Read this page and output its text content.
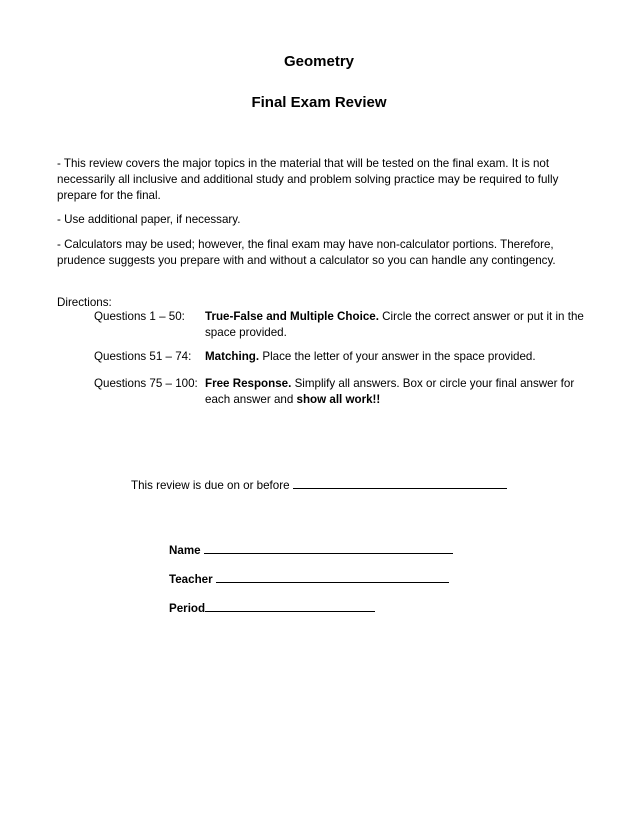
Geometry
Final Exam Review
- This review covers the major topics in the material that will be tested on the final exam. It is not necessarily all inclusive and additional study and problem solving practice may be required to fully prepare for the final.
- Use additional paper, if necessary.
- Calculators may be used; however, the final exam may have non-calculator portions. Therefore, prudence suggests you prepare with and without a calculator so you can handle any contingency.
Directions:
Questions 1 – 50: True-False and Multiple Choice. Circle the correct answer or put it in the space provided.
Questions 51 – 74: Matching. Place the letter of your answer in the space provided.
Questions 75 – 100: Free Response. Simplify all answers. Box or circle your final answer for each answer and show all work!!
This review is due on or before
Name
Teacher
Period
